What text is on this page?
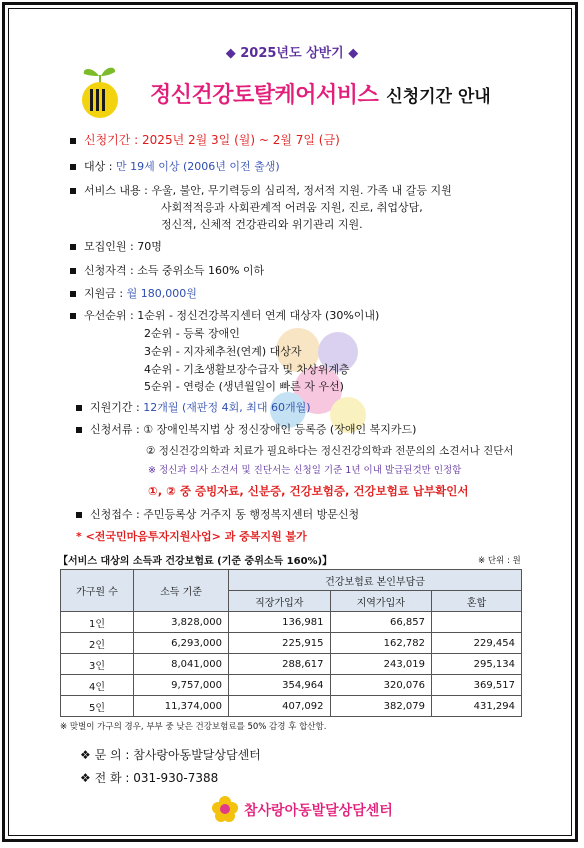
◆ 2025년도 상반기 ◆
정신건강토탈케어서비스 신청기간 안내
신청기간 : 2025년 2월 3일 (월) ~ 2월 7일 (금)
대상 : 만 19세 이상 (2006년 이전 출생)
서비스 내용 : 우울, 불안, 무기력등의 심리적, 정서적 지원. 가족 내 갈등 지원
사회적적응과 사회관계적 어려움 지원, 진로, 취업상담,
정신적, 신체적 건강관리와 위기관리 지원.
모집인원 : 70명
신청자격 : 소득 중위소득 160% 이하
지원금 : 월 180,000원
우선순위 : 1순위 - 정신건강복지센터 연계 대상자 (30%이내)
2순위 - 등록 장애인
3순위 - 지자체추천(연계) 대상자
4순위 - 기초생활보장수급자 및 차상위계층
5순위 - 연령순 (생년월일이 빠른 자 우선)
지원기간 : 12개월 (재판정 4회, 최대 60개월)
신청서류 : ① 장애인복지법 상 정신장애인 등록증 (장애인 복지카드)
② 정신건강의학과 치료가 필요하다는 정신건강의학과 전문의의 소견서나 진단서
※ 정신과 의사 소견서 및 진단서는 신청일 기준 1년 이내 발급된것만 인정함
①, ② 중 증빙자료, 신분증, 건강보험증, 건강보험료 납부확인서
신청접수 : 주민등록상 거주지 동 행정복지센터 방문신청
* <전국민마음투자지원사업> 과 중복지원 불가
【서비스 대상의 소득과 건강보험료 (기준 중위소득 160%)】	※ 단위 : 원
가구원 수	소득 기준	건강보험료 본인부담금		
		직장가입자	지역가입자	혼합
1인	3,828,000	136,981	66,857	
2인	6,293,000	225,915	162,782	229,454
3인	8,041,000	288,617	243,019	295,134
4인	9,757,000	354,964	320,076	369,517
5인	11,374,000	407,092	382,079	431,294
※ 맞벌이 가구의 경우, 부부 중 낮은 건강보험료를 50% 감경 후 합산함.
❖ 문 의 : 참사랑아동발달상담센터
❖ 전 화 : 031-930-7388
참사랑아동발달상담센터
